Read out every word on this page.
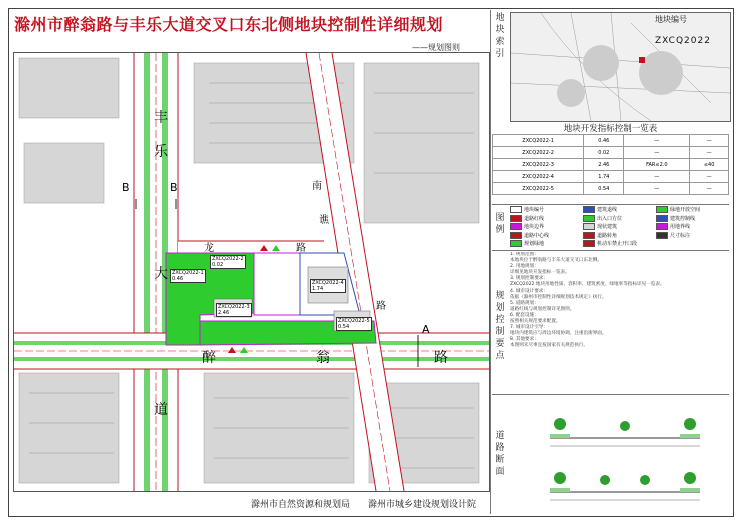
滁州市醉翁路与丰乐大道交叉口东北侧地块控制性详细规划
——规划图则
丰
乐
大
道
醉	翁	路
南
谯
路
龙	路
B	B
A
ZXCQ2022-1
0.46
ZXCQ2022-2
0.02
ZXCQ2022-3
2.46
ZXCQ2022-4
1.74
ZXCQ2022-5
0.54
滁州市自然资源和规划局 滁州市城乡建设规划设计院
地块索引
地块编号
ZXCQ2022
地块开发指标控制一览表
ZXCQ2022-1	0.46	—	—
ZXCQ2022-2	0.02	—	—
ZXCQ2022-3	2.46	FAR≤2.0	≤40
ZXCQ2022-4	1.74	—	—
ZXCQ2022-5	0.54	—	—
图例
地块编号
道路红线
地块边界
道路中心线
规划绿地
建筑退线
出入口方位
现状建筑
道路转角
机动车禁止开口段
绿地开放空间
建筑控制线
用地界线
尺寸标注
规划控制要点
1. 规划范围：
本地块位于醉翁路与丰乐大道交叉口东北侧。
2. 用地规划：
详细见地块开发指标一览表。
3. 规划控制要求：
ZXCQ2022 地块用地性质、容积率、建筑密度、绿地率等指标详见一览表。
4. 城市设计要求：
依据《滁州市控制性详细规划技术规定》执行。
5. 道路规划：
道路红线与规划控制详见图则。
6. 配套设施：
按照相关规范要求配置。
7. 城市设计引导：
地块内建筑应与周边环境协调，注重沿街界面。
8. 其他要求：
本图则未尽事宜按国家有关规范执行。
道路断面
